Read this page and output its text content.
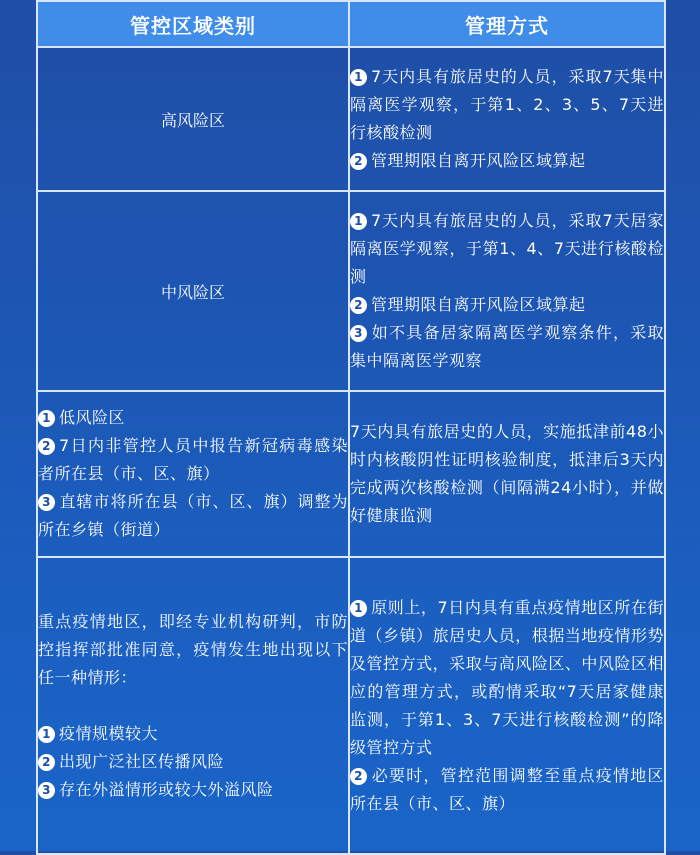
管控区域类别	管理方式
高风险区	1 7天内具有旅居史的人员，采取7天集中隔离医学观察，于第1、2、3、5、7天进行核酸检测
2 管理期限自离开风险区域算起

中风险区	1 7天内具有旅居史的人员，采取7天居家隔离医学观察，于第1、4、7天进行核酸检测
2 管理期限自离开风险区域算起
3 如不具备居家隔离医学观察条件，采取集中隔离医学观察

1 低风险区
2 7日内非管控人员中报告新冠病毒感染者所在县（市、区、旗）
3 直辖市将所在县（市、区、旗）调整为所在乡镇（街道）	7天内具有旅居史的人员，实施抵津前48小时内核酸阴性证明核验制度，抵津后3天内完成两次核酸检测（间隔满24小时），并做好健康监测

重点疫情地区，即经专业机构研判，市防控指挥部批准同意，疫情发生地出现以下任一种情形：
1 疫情规模较大
2 出现广泛社区传播风险
3 存在外溢情形或较大外溢风险	1 原则上，7日内具有重点疫情地区所在街道（乡镇）旅居史人员，根据当地疫情形势及管控方式，采取与高风险区、中风险区相应的管理方式，或酌情采取“7天居家健康监测，于第1、3、7天进行核酸检测”的降级管控方式
2 必要时，管控范围调整至重点疫情地区所在县（市、区、旗）
